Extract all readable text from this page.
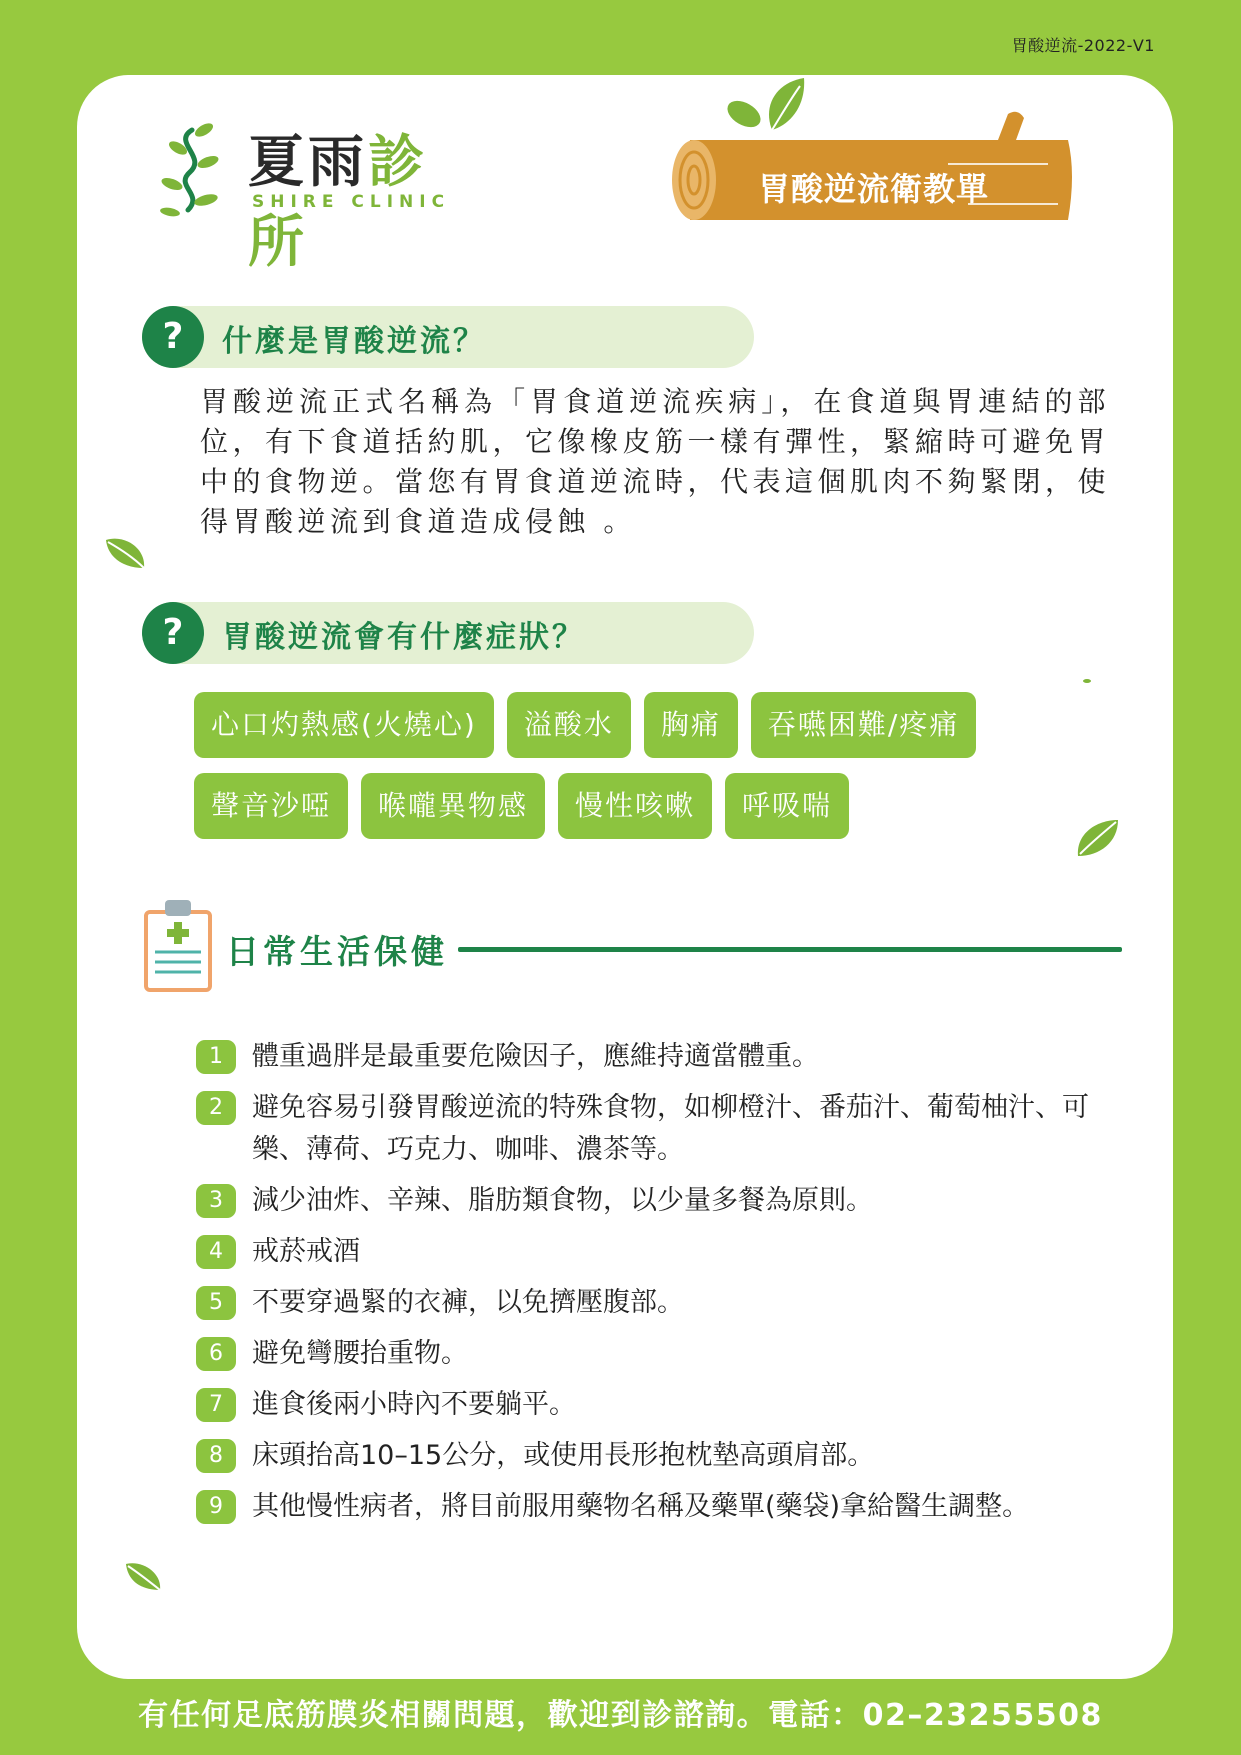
胃酸逆流-2022-V1
夏雨診所
SHIRE CLINIC	胃酸逆流衛教單
?	什麼是胃酸逆流？
胃酸逆流正式名稱為「胃食道逆流疾病」，在食道與胃連結的部位，有下食道括約肌，它像橡皮筋一樣有彈性，緊縮時可避免胃中的食物逆。當您有胃食道逆流時，代表這個肌肉不夠緊閉，使得胃酸逆流到食道造成侵蝕 。
?	胃酸逆流會有什麼症狀？
心口灼熱感(火燒心)	溢酸水	胸痛	吞嚥困難/疼痛
聲音沙啞	喉嚨異物感	慢性咳嗽	呼吸喘
日常生活保健
1	體重過胖是最重要危險因子，應維持適當體重。
2	避免容易引發胃酸逆流的特殊食物，如柳橙汁、番茄汁、葡萄柚汁、可樂、薄荷、巧克力、咖啡、濃茶等。
3	減少油炸、辛辣、脂肪類食物，以少量多餐為原則。
4	戒菸戒酒
5	不要穿過緊的衣褲，以免擠壓腹部。
6	避免彎腰抬重物。
7	進食後兩小時內不要躺平。
8	床頭抬高10–15公分，或使用長形抱枕墊高頭肩部。
9	其他慢性病者，將目前服用藥物名稱及藥單(藥袋)拿給醫生調整。
有任何足底筋膜炎相關問題，歡迎到診諮詢。電話：02–23255508
